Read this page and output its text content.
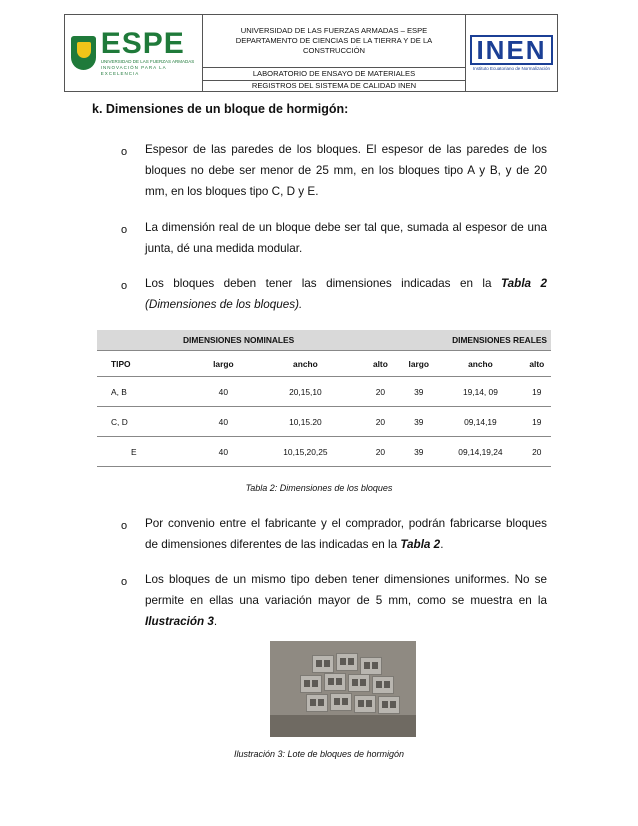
ESPE
UNIVERSIDAD DE LAS FUERZAS ARMADAS
INNOVACIÓN PARA LA EXCELENCIA
UNIVERSIDAD DE LAS FUERZAS ARMADAS – ESPE
DEPARTAMENTO DE CIENCIAS DE LA TIERRA Y DE LA
CONSTRUCCIÓN
LABORATORIO DE ENSAYO DE MATERIALES
REGISTROS DEL SISTEMA DE CALIDAD INEN
INEN
Instituto Ecuatoriano de Normalización
k. Dimensiones de un bloque de hormigón:
o Espesor de las paredes de los bloques. El espesor de las paredes de los bloques no debe ser menor de 25 mm, en los bloques tipo A y B, y de 20 mm, en los bloques tipo C, D y E.
o La dimensión real de un bloque debe ser tal que, sumada al espesor de una junta, dé una medida modular.
o Los bloques deben tener las dimensiones indicadas en la Tabla 2 (Dimensiones de los bloques).
DIMENSIONES NOMINALES				DIMENSIONES REALES		
TIPO	largo	ancho	alto	largo	ancho	alto
A, B	40	20,15,10	20	39	19,14, 09	19
C, D	40	10,15.20	20	39	09,14,19	19
E	40	10,15,20,25	20	39	09,14,19,24	20
Tabla 2: Dimensiones de los bloques
o Por convenio entre el fabricante y el comprador, podrán fabricarse bloques de dimensiones diferentes de las indicadas en la Tabla 2.
o Los bloques de un mismo tipo deben tener dimensiones uniformes. No se permite en ellas una variación mayor de 5 mm, como se muestra en la Ilustración 3.
Ilustración 3: Lote de bloques de hormigón
